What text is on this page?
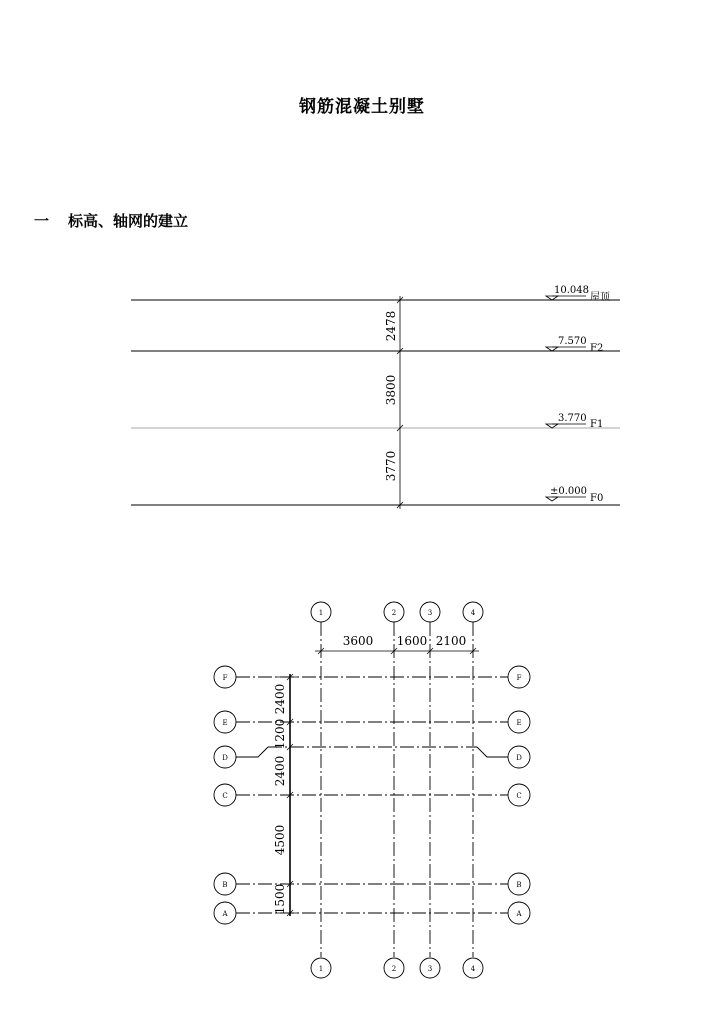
钢筋混凝土别墅
一 标高、轴网的建立
10.048
屋顶
7.570
F2
3.770
F1
±0.000
F0
2478
3800
3770
1	2	3	4
1	2	3	4
F
E
D
C
B
A
F
E
D
C
B
A
3600 1600 2100
2400
1200
2400
4500
1500
